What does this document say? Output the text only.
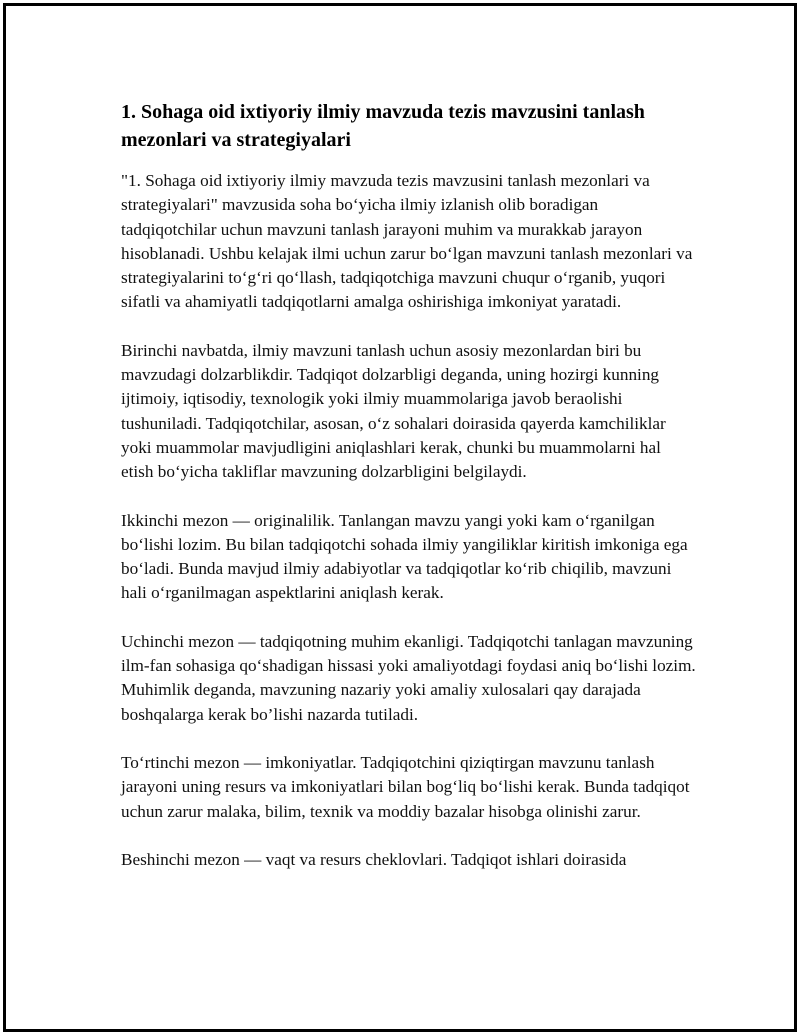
1. Sohaga oid ixtiyoriy ilmiy mavzuda tezis mavzusini tanlash mezonlari va strategiyalari

"1. Sohaga oid ixtiyoriy ilmiy mavzuda tezis mavzusini tanlash mezonlari va strategiyalari" mavzusida soha bo‘yicha ilmiy izlanish olib boradigan tadqiqotchilar uchun mavzuni tanlash jarayoni muhim va murakkab jarayon hisoblanadi. Ushbu kelajak ilmi uchun zarur bo‘lgan mavzuni tanlash mezonlari va strategiyalarini to‘g‘ri qo‘llash, tadqiqotchiga mavzuni chuqur o‘rganib, yuqori sifatli va ahamiyatli tadqiqotlarni amalga oshirishiga imkoniyat yaratadi.

Birinchi navbatda, ilmiy mavzuni tanlash uchun asosiy mezonlardan biri bu mavzudagi dolzarblikdir. Tadqiqot dolzarbligi deganda, uning hozirgi kunning ijtimoiy, iqtisodiy, texnologik yoki ilmiy muammolariga javob beraolishi tushuniladi. Tadqiqotchilar, asosan, o‘z sohalari doirasida qayerda kamchiliklar yoki muammolar mavjudligini aniqlashlari kerak, chunki bu muammolarni hal etish bo‘yicha takliflar mavzuning dolzarbligini belgilaydi.

Ikkinchi mezon — originalilik. Tanlangan mavzu yangi yoki kam o‘rganilgan bo‘lishi lozim. Bu bilan tadqiqotchi sohada ilmiy yangiliklar kiritish imkoniga ega bo‘ladi. Bunda mavjud ilmiy adabiyotlar va tadqiqotlar ko‘rib chiqilib, mavzuni hali o‘rganilmagan aspektlarini aniqlash kerak.

Uchinchi mezon — tadqiqotning muhim ekanligi. Tadqiqotchi tanlagan mavzuning ilm-fan sohasiga qo‘shadigan hissasi yoki amaliyotdagi foydasi aniq bo‘lishi lozim. Muhimlik deganda, mavzuning nazariy yoki amaliy xulosalari qay darajada boshqalarga kerak bo’lishi nazarda tutiladi.

To‘rtinchi mezon — imkoniyatlar. Tadqiqotchini qiziqtirgan mavzunu tanlash jarayoni uning resurs va imkoniyatlari bilan bog‘liq bo‘lishi kerak. Bunda tadqiqot uchun zarur malaka, bilim, texnik va moddiy bazalar hisobga olinishi zarur.

Beshinchi mezon — vaqt va resurs cheklovlari. Tadqiqot ishlari doirasida
